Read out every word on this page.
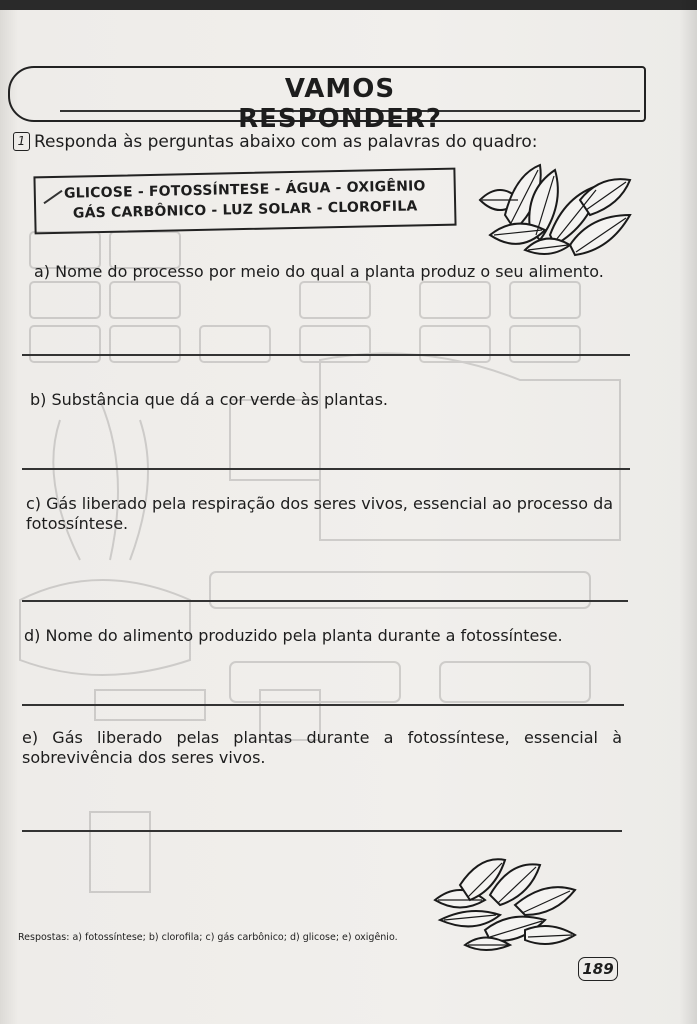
VAMOS RESPONDER?
1 Responda às perguntas abaixo com as palavras do quadro:
GLICOSE - FOTOSSÍNTESE - ÁGUA - OXIGÊNIO
GÁS CARBÔNICO - LUZ SOLAR - CLOROFILA
a) Nome do processo por meio do qual a planta produz o seu alimento.
b) Substância que dá a cor verde às plantas.
c) Gás liberado pela respiração dos seres vivos, essencial ao processo da fotossíntese.
d) Nome do alimento produzido pela planta durante a fotossíntese.
e) Gás liberado pelas plantas durante a fotossíntese, essencial à sobrevivência dos seres vivos.
Respostas: a) fotossíntese; b) clorofila; c) gás carbônico; d) glicose; e) oxigênio.
189
